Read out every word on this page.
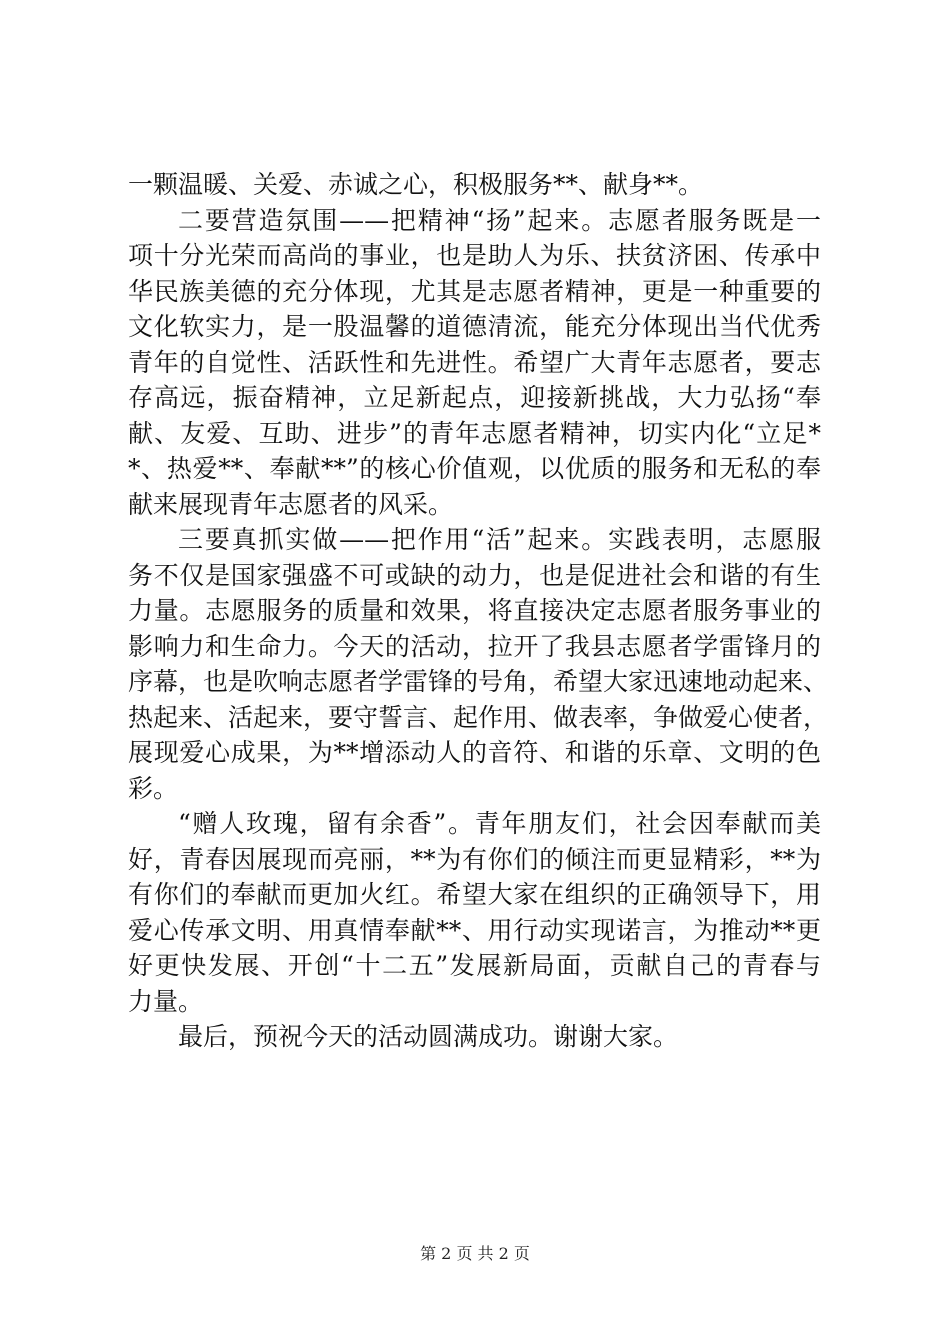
一颗温暖、关爱、赤诚之心，积极服务**、献身**。
二要营造氛围——把精神“扬”起来。志愿者服务既是一
项十分光荣而高尚的事业，也是助人为乐、扶贫济困、传承中
华民族美德的充分体现，尤其是志愿者精神，更是一种重要的
文化软实力，是一股温馨的道德清流，能充分体现出当代优秀
青年的自觉性、活跃性和先进性。希望广大青年志愿者，要志
存高远，振奋精神，立足新起点，迎接新挑战，大力弘扬“奉
献、友爱、互助、进步”的青年志愿者精神，切实内化“立足*
*、热爱**、奉献**”的核心价值观，以优质的服务和无私的奉
献来展现青年志愿者的风采。
三要真抓实做——把作用“活”起来。实践表明，志愿服
务不仅是国家强盛不可或缺的动力，也是促进社会和谐的有生
力量。志愿服务的质量和效果，将直接决定志愿者服务事业的
影响力和生命力。今天的活动，拉开了我县志愿者学雷锋月的
序幕，也是吹响志愿者学雷锋的号角，希望大家迅速地动起来、
热起来、活起来，要守誓言、起作用、做表率，争做爱心使者，
展现爱心成果，为**增添动人的音符、和谐的乐章、文明的色
彩。
“赠人玫瑰，留有余香”。青年朋友们，社会因奉献而美
好，青春因展现而亮丽，**为有你们的倾注而更显精彩，**为
有你们的奉献而更加火红。希望大家在组织的正确领导下，用
爱心传承文明、用真情奉献**、用行动实现诺言，为推动**更
好更快发展、开创“十二五”发展新局面，贡献自己的青春与
力量。
最后，预祝今天的活动圆满成功。谢谢大家。
第 2 页 共 2 页
